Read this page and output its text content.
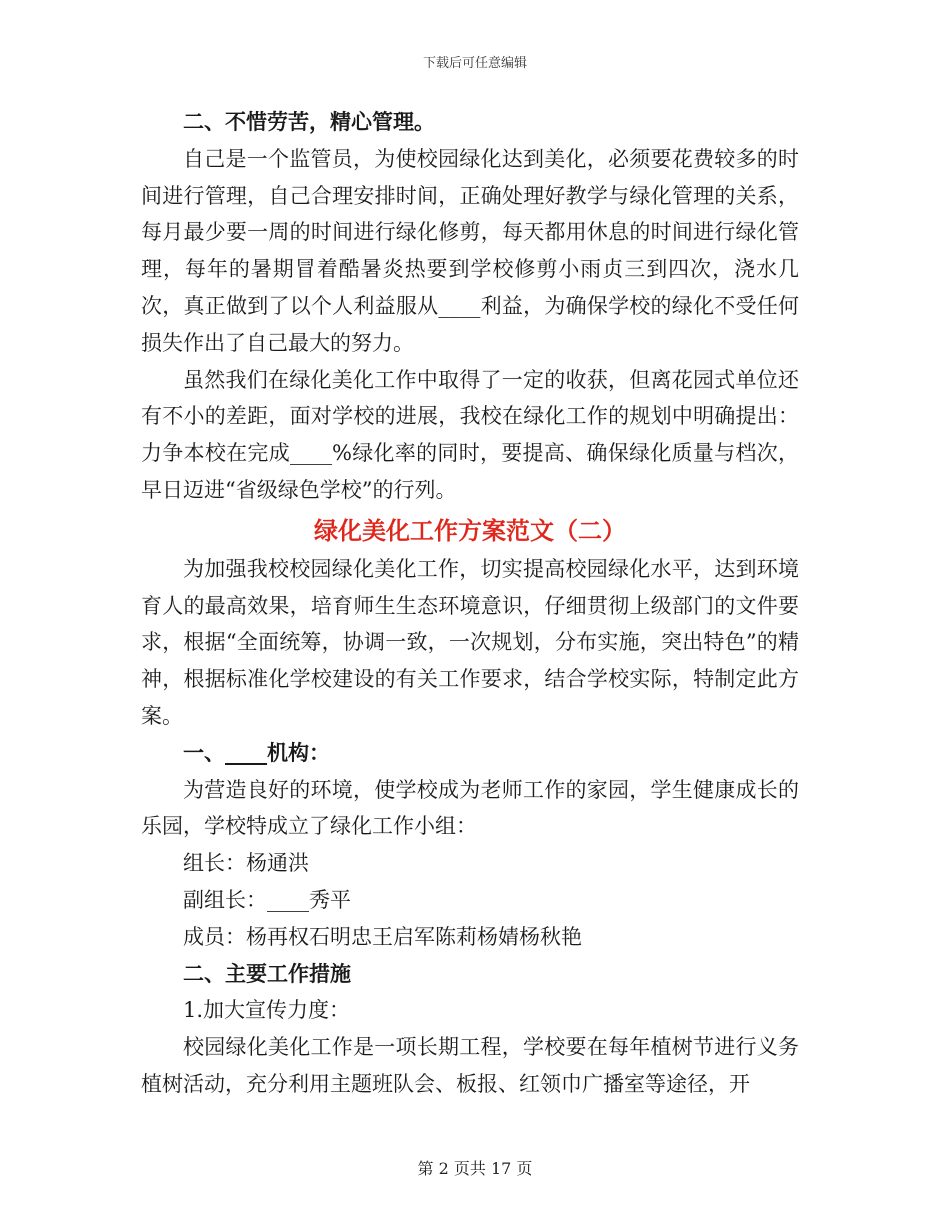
下载后可任意编辑

二、不惜劳苦，精心管理。

自己是一个监管员，为使校园绿化达到美化，必须要花费较多的时间进行管理，自己合理安排时间，正确处理好教学与绿化管理的关系，每月最少要一周的时间进行绿化修剪，每天都用休息的时间进行绿化管理，每年的暑期冒着酷暑炎热要到学校修剪小雨贞三到四次，浇水几次，真正做到了以个人利益服从____利益，为确保学校的绿化不受任何损失作出了自己最大的努力。

虽然我们在绿化美化工作中取得了一定的收获，但离花园式单位还有不小的差距，面对学校的进展，我校在绿化工作的规划中明确提出：力争本校在完成____%绿化率的同时，要提高、确保绿化质量与档次，早日迈进“省级绿色学校”的行列。

绿化美化工作方案范文（二）

为加强我校校园绿化美化工作，切实提高校园绿化水平，达到环境育人的最高效果，培育师生生态环境意识，仔细贯彻上级部门的文件要求，根据“全面统筹，协调一致，一次规划，分布实施，突出特色”的精神，根据标准化学校建设的有关工作要求，结合学校实际，特制定此方案。

一、____机构：

为营造良好的环境，使学校成为老师工作的家园，学生健康成长的乐园，学校特成立了绿化工作小组：

组长：杨通洪

副组长：____秀平

成员：杨再权石明忠王启军陈莉杨婧杨秋艳

二、主要工作措施

1.加大宣传力度：

校园绿化美化工作是一项长期工程，学校要在每年植树节进行义务植树活动，充分利用主题班队会、板报、红领巾广播室等途径，开

第 2 页共 17 页
